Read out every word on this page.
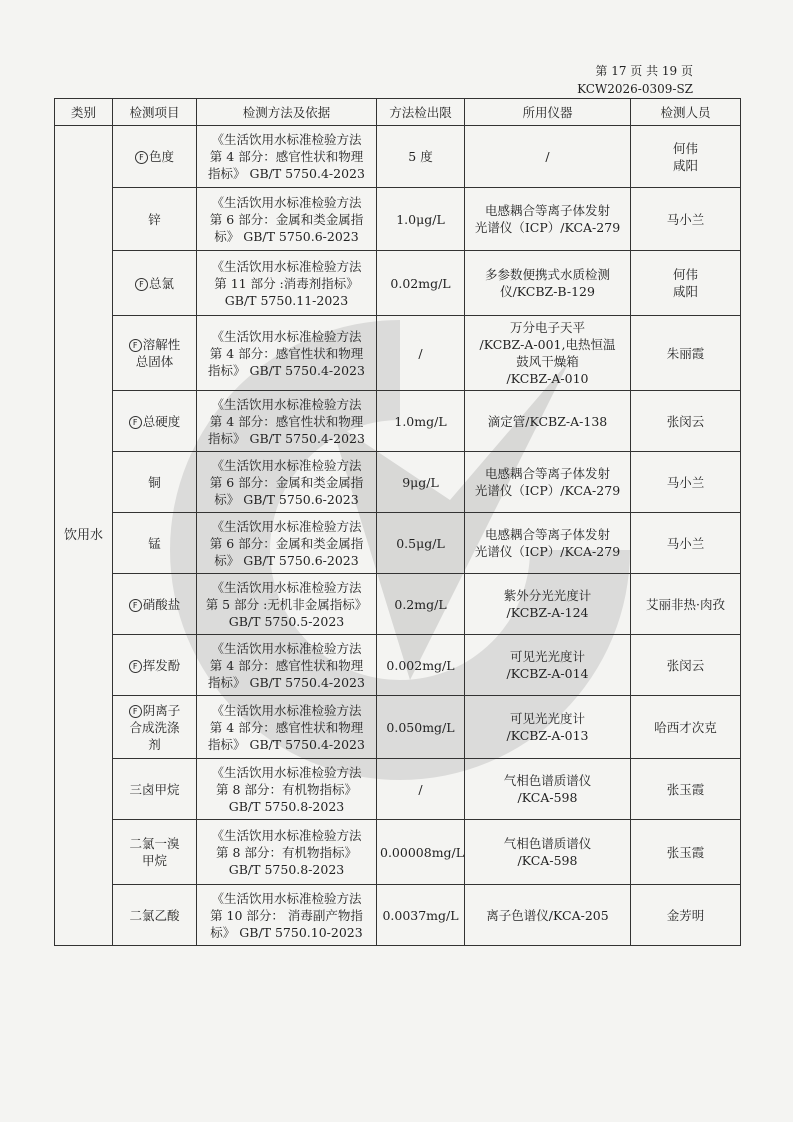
第 17 页 共 19 页
KCW2026-0309-SZ
类别	检测项目	检测方法及依据	方法检出限	所用仪器	检测人员
饮用水	F 色度	《生活饮用水标准检验方法
第 4 部分：感官性状和物理
指标》 GB/T 5750.4-2023	5 度	/	何伟
咸阳
	锌	《生活饮用水标准检验方法
第 6 部分：金属和类金属指
标》 GB/T 5750.6-2023	1.0μg/L	电感耦合等离子体发射
光谱仪（ICP）/KCA-279	马小兰
	F 总氯	《生活饮用水标准检验方法
第 11 部分 :消毒剂指标》
GB/T 5750.11-2023	0.02mg/L	多参数便携式水质检测
仪/KCBZ-B-129	何伟
咸阳
	F 溶解性
总固体	《生活饮用水标准检验方法
第 4 部分：感官性状和物理
指标》 GB/T 5750.4-2023	/	万分电子天平
/KCBZ-A-001,电热恒温
鼓风干燥箱
/KCBZ-A-010	朱丽霞
	F 总硬度	《生活饮用水标准检验方法
第 4 部分：感官性状和物理
指标》 GB/T 5750.4-2023	1.0mg/L	滴定管/KCBZ-A-138	张闵云
	铜	《生活饮用水标准检验方法
第 6 部分：金属和类金属指
标》 GB/T 5750.6-2023	9μg/L	电感耦合等离子体发射
光谱仪（ICP）/KCA-279	马小兰
	锰	《生活饮用水标准检验方法
第 6 部分：金属和类金属指
标》 GB/T 5750.6-2023	0.5μg/L	电感耦合等离子体发射
光谱仪（ICP）/KCA-279	马小兰
	F 硝酸盐	《生活饮用水标准检验方法
第 5 部分 :无机非金属指标》
GB/T 5750.5-2023	0.2mg/L	紫外分光光度计
/KCBZ-A-124	艾丽非热·肉孜
	F 挥发酚	《生活饮用水标准检验方法
第 4 部分：感官性状和物理
指标》 GB/T 5750.4-2023	0.002mg/L	可见光光度计
/KCBZ-A-014	张闵云
	F 阴离子
合成洗涤
剂	《生活饮用水标准检验方法
第 4 部分：感官性状和物理
指标》 GB/T 5750.4-2023	0.050mg/L	可见光光度计
/KCBZ-A-013	哈西才次克
	三卤甲烷	《生活饮用水标准检验方法
第 8 部分：有机物指标》
GB/T 5750.8-2023	/	气相色谱质谱仪
/KCA-598	张玉霞
	二氯一溴
甲烷	《生活饮用水标准检验方法
第 8 部分：有机物指标》
GB/T 5750.8-2023	0.00008mg/L	气相色谱质谱仪
/KCA-598	张玉霞
	二氯乙酸	《生活饮用水标准检验方法
第 10 部分： 消毒副产物指
标》 GB/T 5750.10-2023	0.0037mg/L	离子色谱仪/KCA-205	金芳明
